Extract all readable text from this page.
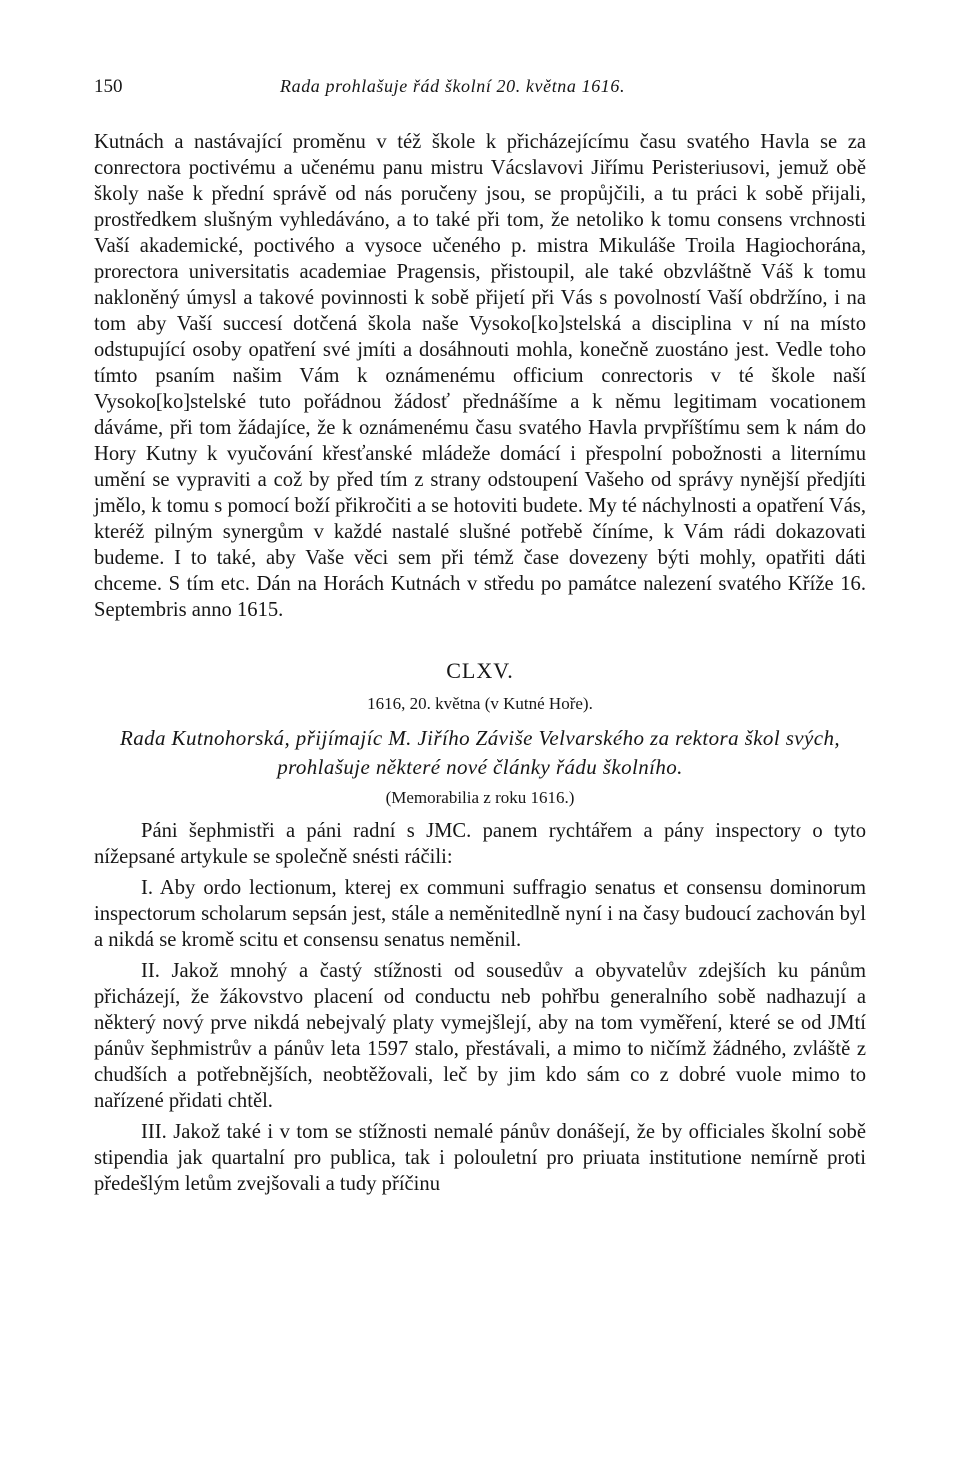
150	Rada prohlašuje řád školní 20. května 1616.

Kutnách a nastávající proměnu v též škole k přicházejícímu času svatého Havla se za conrectora poctivému a učenému panu mistru Vácslavovi Jiřímu Peristeriusovi, jemuž obě školy naše k přední správě od nás poručeny jsou, se propůjčili, a tu práci k sobě přijali, prostředkem slušným vyhledáváno, a to také při tom, že netoliko k tomu consens vrchnosti Vaší akademické, poctivého a vysoce učeného p. mistra Mikuláše Troila Hagiochorána, prorectora universitatis academiae Pragensis, přistoupil, ale také obzvláštně Váš k tomu nakloněný úmysl a takové povinnosti k sobě přijetí při Vás s povolností Vaší obdržíno, i na tom aby Vaší succesí dotčená škola naše Vysoko[ko]stelská a disciplina v ní na místo odstupující osoby opatření své jmíti a dosáhnouti mohla, konečně zuostáno jest. Vedle toho tímto psaním našim Vám k oznámenému officium conrectoris v té škole naší Vysoko[ko]stelské tuto pořádnou žádosť přednášíme a k němu legitimam vocationem dáváme, při tom žádajíce, že k oznámenému času svatého Havla prvpříštímu sem k nám do Hory Kutny k vyučování křesťanské mládeže domácí i přespolní pobožnosti a liternímu umění se vypraviti a což by před tím z strany odstoupení Vašeho od správy nynější předjíti jmělo, k tomu s pomocí boží přikročiti a se hotoviti budete. My té náchylnosti a opatření Vás, kteréž pilným synergům v každé nastalé slušné potřebě číníme, k Vám rádi dokazovati budeme. I to také, aby Vaše věci sem při témž čase dovezeny býti mohly, opatřiti dáti chceme. S tím etc. Dán na Horách Kutnách v středu po památce nalezení svatého Kříže 16. Septembris anno 1615.

CLXV.
1616, 20. května (v Kutné Hoře).
Rada Kutnohorská, přijímajíc M. Jiřího Záviše Velvarského za rektora škol svých, prohlašuje některé nové články řádu školního.
(Memorabilia z roku 1616.)

Páni šephmistři a páni radní s JMC. panem rychtářem a pány inspectory o tyto nížepsané artykule se společně snésti ráčili:

I. Aby ordo lectionum, kterej ex communi suffragio senatus et consensu dominorum inspectorum scholarum sepsán jest, stále a neměnitedlně nyní i na časy budoucí zachován byl a nikdá se kromě scitu et consensu senatus neměnil.

II. Jakož mnohý a častý stížnosti od sousedův a obyvatelův zdejších ku pánům přicházejí, že žákovstvo placení od conductu neb pohřbu generalního sobě nadhazují a některý nový prve nikdá nebejvalý platy vymejšlejí, aby na tom vyměření, které se od JMtí pánův šephmistrův a pánův leta 1597 stalo, přestávali, a mimo to ničímž žádného, zvláště z chudších a potřebnějších, neobtěžovali, leč by jim kdo sám co z dobré vuole mimo to nařízené přidati chtěl.

III. Jakož také i v tom se stížnosti nemalé pánův donášejí, že by officiales školní sobě stipendia jak quartalní pro publica, tak i polouletní pro priuata institutione nemírně proti předešlým letům zvejšovali a tudy příčinu
